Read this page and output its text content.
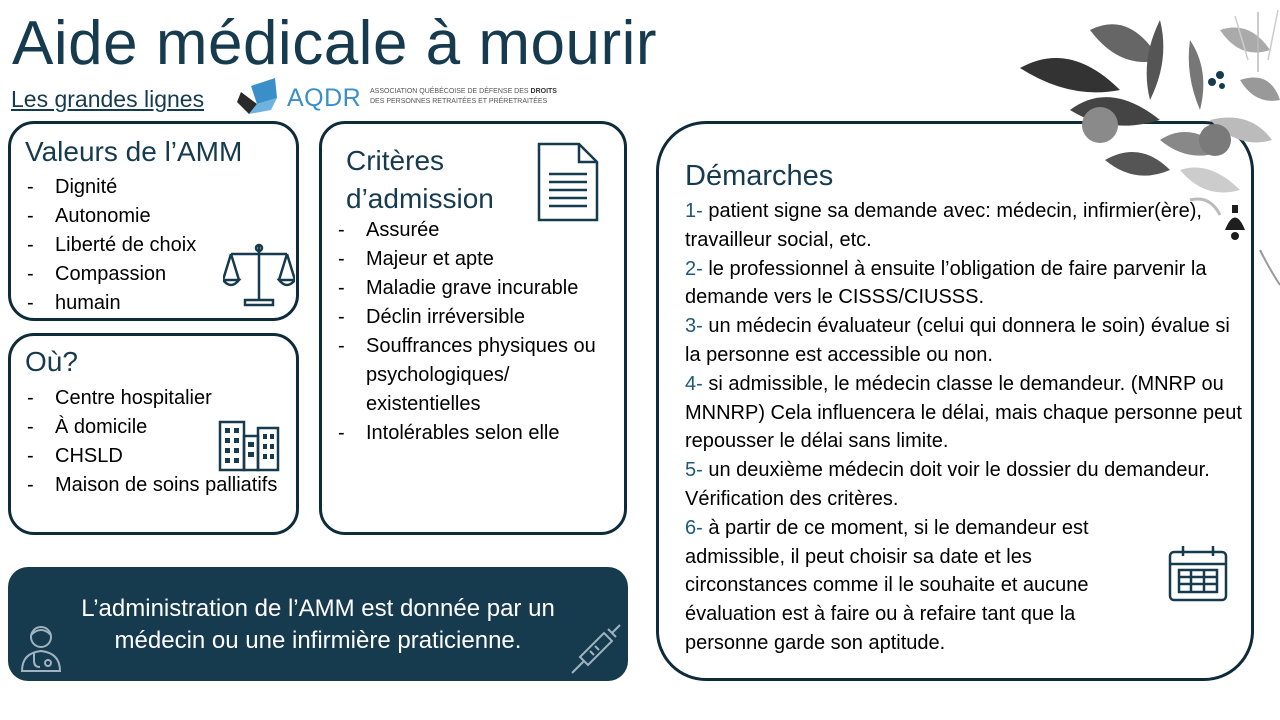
Aide médicale à mourir
Les grandes lignes	AQDR ASSOCIATION QUÉBÉCOISE DE DÉFENSE DES DROITS
DES PERSONNES RETRAITÉES ET PRÉRETRAITÉES
Valeurs de l’AMM
- Dignité
- Autonomie
- Liberté de choix
- Compassion
- humain
Où?
- Centre hospitalier
- À domicile
- CHSLD
- Maison de soins palliatifs
Critères
d’admission
- Assurée
- Majeur et apte
- Maladie grave incurable
- Déclin irréversible
- Souffrances physiques ou psychologiques/ existentielles
- Intolérables selon elle
Démarches

1- patient signe sa demande avec: médecin, infirmier(ère), travailleur social, etc.

2- le professionnel à ensuite l’obligation de faire parvenir la demande vers le CISSS/CIUSSS.

3- un médecin évaluateur (celui qui donnera le soin) évalue si la personne est accessible ou non.

4- si admissible, le médecin classe le demandeur. (MNRP ou MNNRP) Cela influencera le délai, mais chaque personne peut repousser le délai sans limite.

5- un deuxième médecin doit voir le dossier du demandeur. Vérification des critères.

6- à partir de ce moment, si le demandeur est admissible, il peut choisir sa date et les circonstances comme il le souhaite et aucune évaluation est à faire ou à refaire tant que la personne garde son aptitude.

L’administration de l’AMM est donnée par un médecin ou une infirmière praticienne.
